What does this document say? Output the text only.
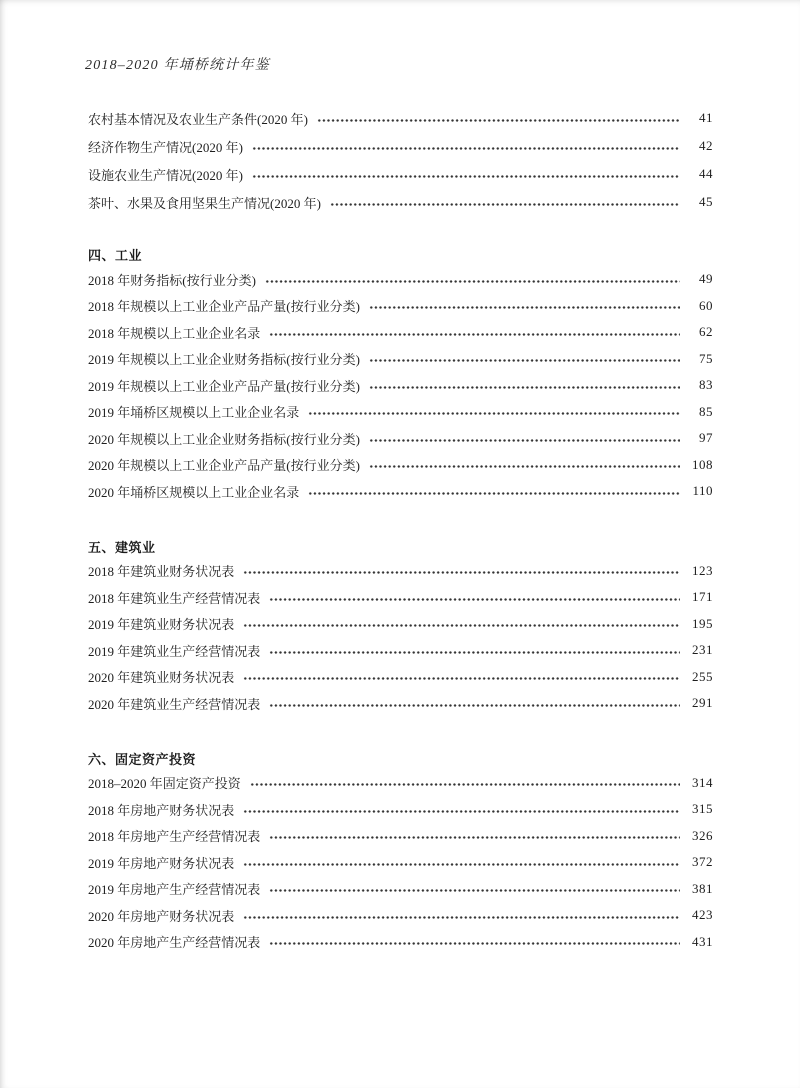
2018–2020 年埇桥统计年鉴
农村基本情况及农业生产条件(2020 年)	41
经济作物生产情况(2020 年)	42
设施农业生产情况(2020 年)	44
茶叶、水果及食用坚果生产情况(2020 年)	45
四、工业
2018 年财务指标(按行业分类)	49
2018 年规模以上工业企业产品产量(按行业分类)	60
2018 年规模以上工业企业名录	62
2019 年规模以上工业企业财务指标(按行业分类)	75
2019 年规模以上工业企业产品产量(按行业分类)	83
2019 年埇桥区规模以上工业企业名录	85
2020 年规模以上工业企业财务指标(按行业分类)	97
2020 年规模以上工业企业产品产量(按行业分类)	108
2020 年埇桥区规模以上工业企业名录	110
五、建筑业
2018 年建筑业财务状况表	123
2018 年建筑业生产经营情况表	171
2019 年建筑业财务状况表	195
2019 年建筑业生产经营情况表	231
2020 年建筑业财务状况表	255
2020 年建筑业生产经营情况表	291
六、固定资产投资
2018–2020 年固定资产投资	314
2018 年房地产财务状况表	315
2018 年房地产生产经营情况表	326
2019 年房地产财务状况表	372
2019 年房地产生产经营情况表	381
2020 年房地产财务状况表	423
2020 年房地产生产经营情况表	431
